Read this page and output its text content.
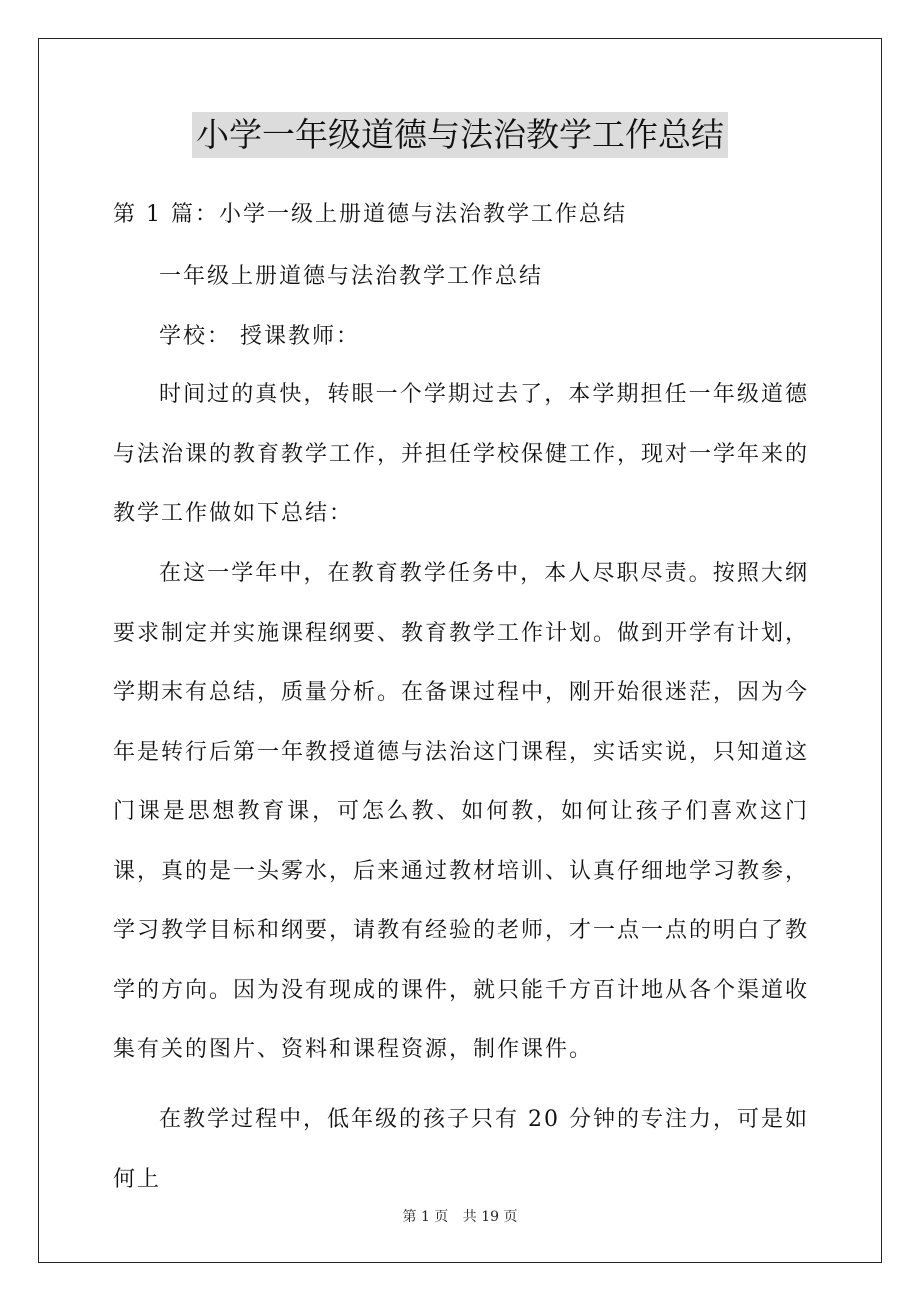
小学一年级道德与法治教学工作总结

第 1 篇：小学一级上册道德与法治教学工作总结

一年级上册道德与法治教学工作总结

学校： 授课教师：

时间过的真快，转眼一个学期过去了，本学期担任一年级道德与法治课的教育教学工作，并担任学校保健工作，现对一学年来的教学工作做如下总结：

在这一学年中，在教育教学任务中，本人尽职尽责。按照大纲要求制定并实施课程纲要、教育教学工作计划。做到开学有计划，学期末有总结，质量分析。在备课过程中，刚开始很迷茫，因为今年是转行后第一年教授道德与法治这门课程，实话实说，只知道这门课是思想教育课，可怎么教、如何教，如何让孩子们喜欢这门课，真的是一头雾水，后来通过教材培训、认真仔细地学习教参，学习教学目标和纲要，请教有经验的老师，才一点一点的明白了教学的方向。因为没有现成的课件，就只能千方百计地从各个渠道收集有关的图片、资料和课程资源，制作课件。

在教学过程中，低年级的孩子只有 20 分钟的专注力，可是如何上

第 1 页 共 19 页
